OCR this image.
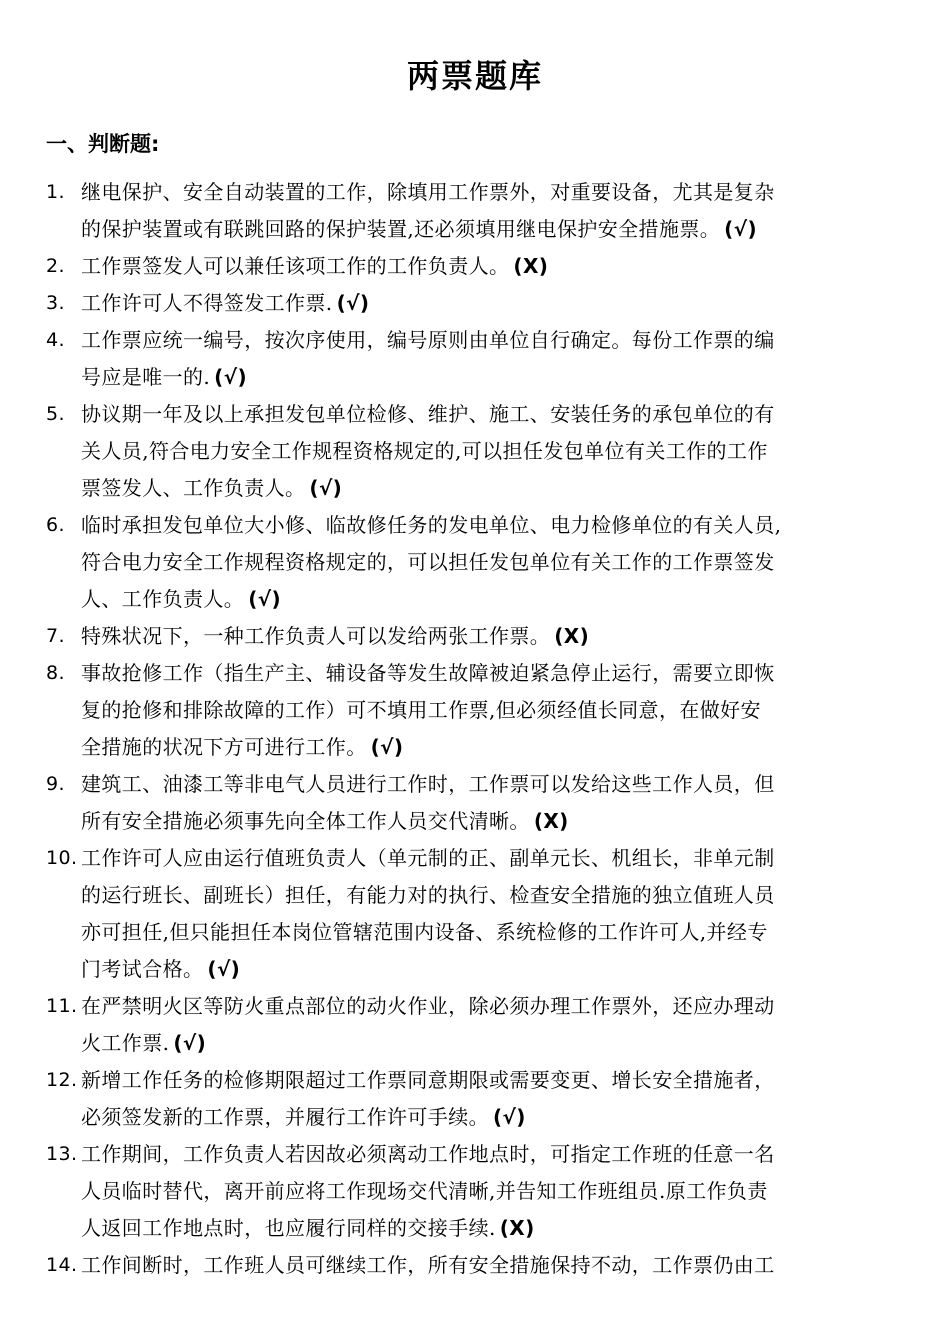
两票题库
一、判断题:
1. 继电保护、安全自动装置的工作，除填用工作票外，对重要设备，尤其是复杂
的保护装置或有联跳回路的保护装置,还必须填用继电保护安全措施票。 (√)
2. 工作票签发人可以兼任该项工作的工作负责人。 (X)
3. 工作许可人不得签发工作票. (√)
4. 工作票应统一编号，按次序使用，编号原则由单位自行确定。每份工作票的编
号应是唯一的. (√)
5. 协议期一年及以上承担发包单位检修、维护、施工、安装任务的承包单位的有
关人员,符合电力安全工作规程资格规定的,可以担任发包单位有关工作的工作
票签发人、工作负责人。 (√)
6. 临时承担发包单位大小修、临故修任务的发电单位、电力检修单位的有关人员,
符合电力安全工作规程资格规定的，可以担任发包单位有关工作的工作票签发
人、工作负责人。 (√)
7. 特殊状况下，一种工作负责人可以发给两张工作票。 (X)
8. 事故抢修工作（指生产主、辅设备等发生故障被迫紧急停止运行，需要立即恢
复的抢修和排除故障的工作）可不填用工作票,但必须经值长同意，在做好安
全措施的状况下方可进行工作。 (√)
9. 建筑工、油漆工等非电气人员进行工作时，工作票可以发给这些工作人员，但
所有安全措施必须事先向全体工作人员交代清晰。 (X)
10. 工作许可人应由运行值班负责人（单元制的正、副单元长、机组长，非单元制
的运行班长、副班长）担任，有能力对的执行、检查安全措施的独立值班人员
亦可担任,但只能担任本岗位管辖范围内设备、系统检修的工作许可人,并经专
门考试合格。 (√)
11. 在严禁明火区等防火重点部位的动火作业，除必须办理工作票外，还应办理动
火工作票. (√)
12. 新增工作任务的检修期限超过工作票同意期限或需要变更、增长安全措施者，
必须签发新的工作票，并履行工作许可手续。 (√)
13. 工作期间，工作负责人若因故必须离动工作地点时，可指定工作班的任意一名
人员临时替代，离开前应将工作现场交代清晰,并告知工作班组员.原工作负责
人返回工作地点时，也应履行同样的交接手续. (X)
14. 工作间断时，工作班人员可继续工作，所有安全措施保持不动，工作票仍由工
